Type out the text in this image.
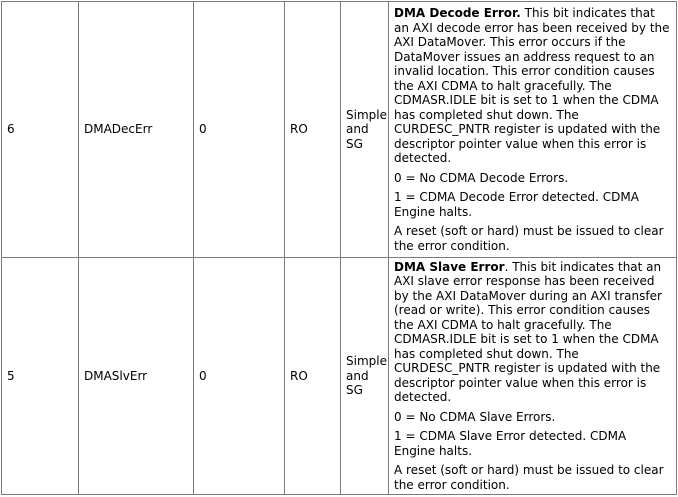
6	DMADecErr	0	RO	Simple and SG	DMA Decode Error. This bit indicates that an AXI decode error has been received by the AXI DataMover. This error occurs if the DataMover issues an address request to an invalid location. This error condition causes the AXI CDMA to halt gracefully. The CDMASR.IDLE bit is set to 1 when the CDMA has completed shut down. The CURDESC_PNTR register is updated with the descriptor pointer value when this error is detected.

0 = No CDMA Decode Errors.

1 = CDMA Decode Error detected. CDMA Engine halts.

A reset (soft or hard) must be issued to clear the error condition.

5	DMASlvErr	0	RO	Simple and SG	DMA Slave Error. This bit indicates that an AXI slave error response has been received by the AXI DataMover during an AXI transfer (read or write). This error condition causes the AXI CDMA to halt gracefully. The CDMASR.IDLE bit is set to 1 when the CDMA has completed shut down. The CURDESC_PNTR register is updated with the descriptor pointer value when this error is detected.

0 = No CDMA Slave Errors.

1 = CDMA Slave Error detected. CDMA Engine halts.

A reset (soft or hard) must be issued to clear the error condition.
